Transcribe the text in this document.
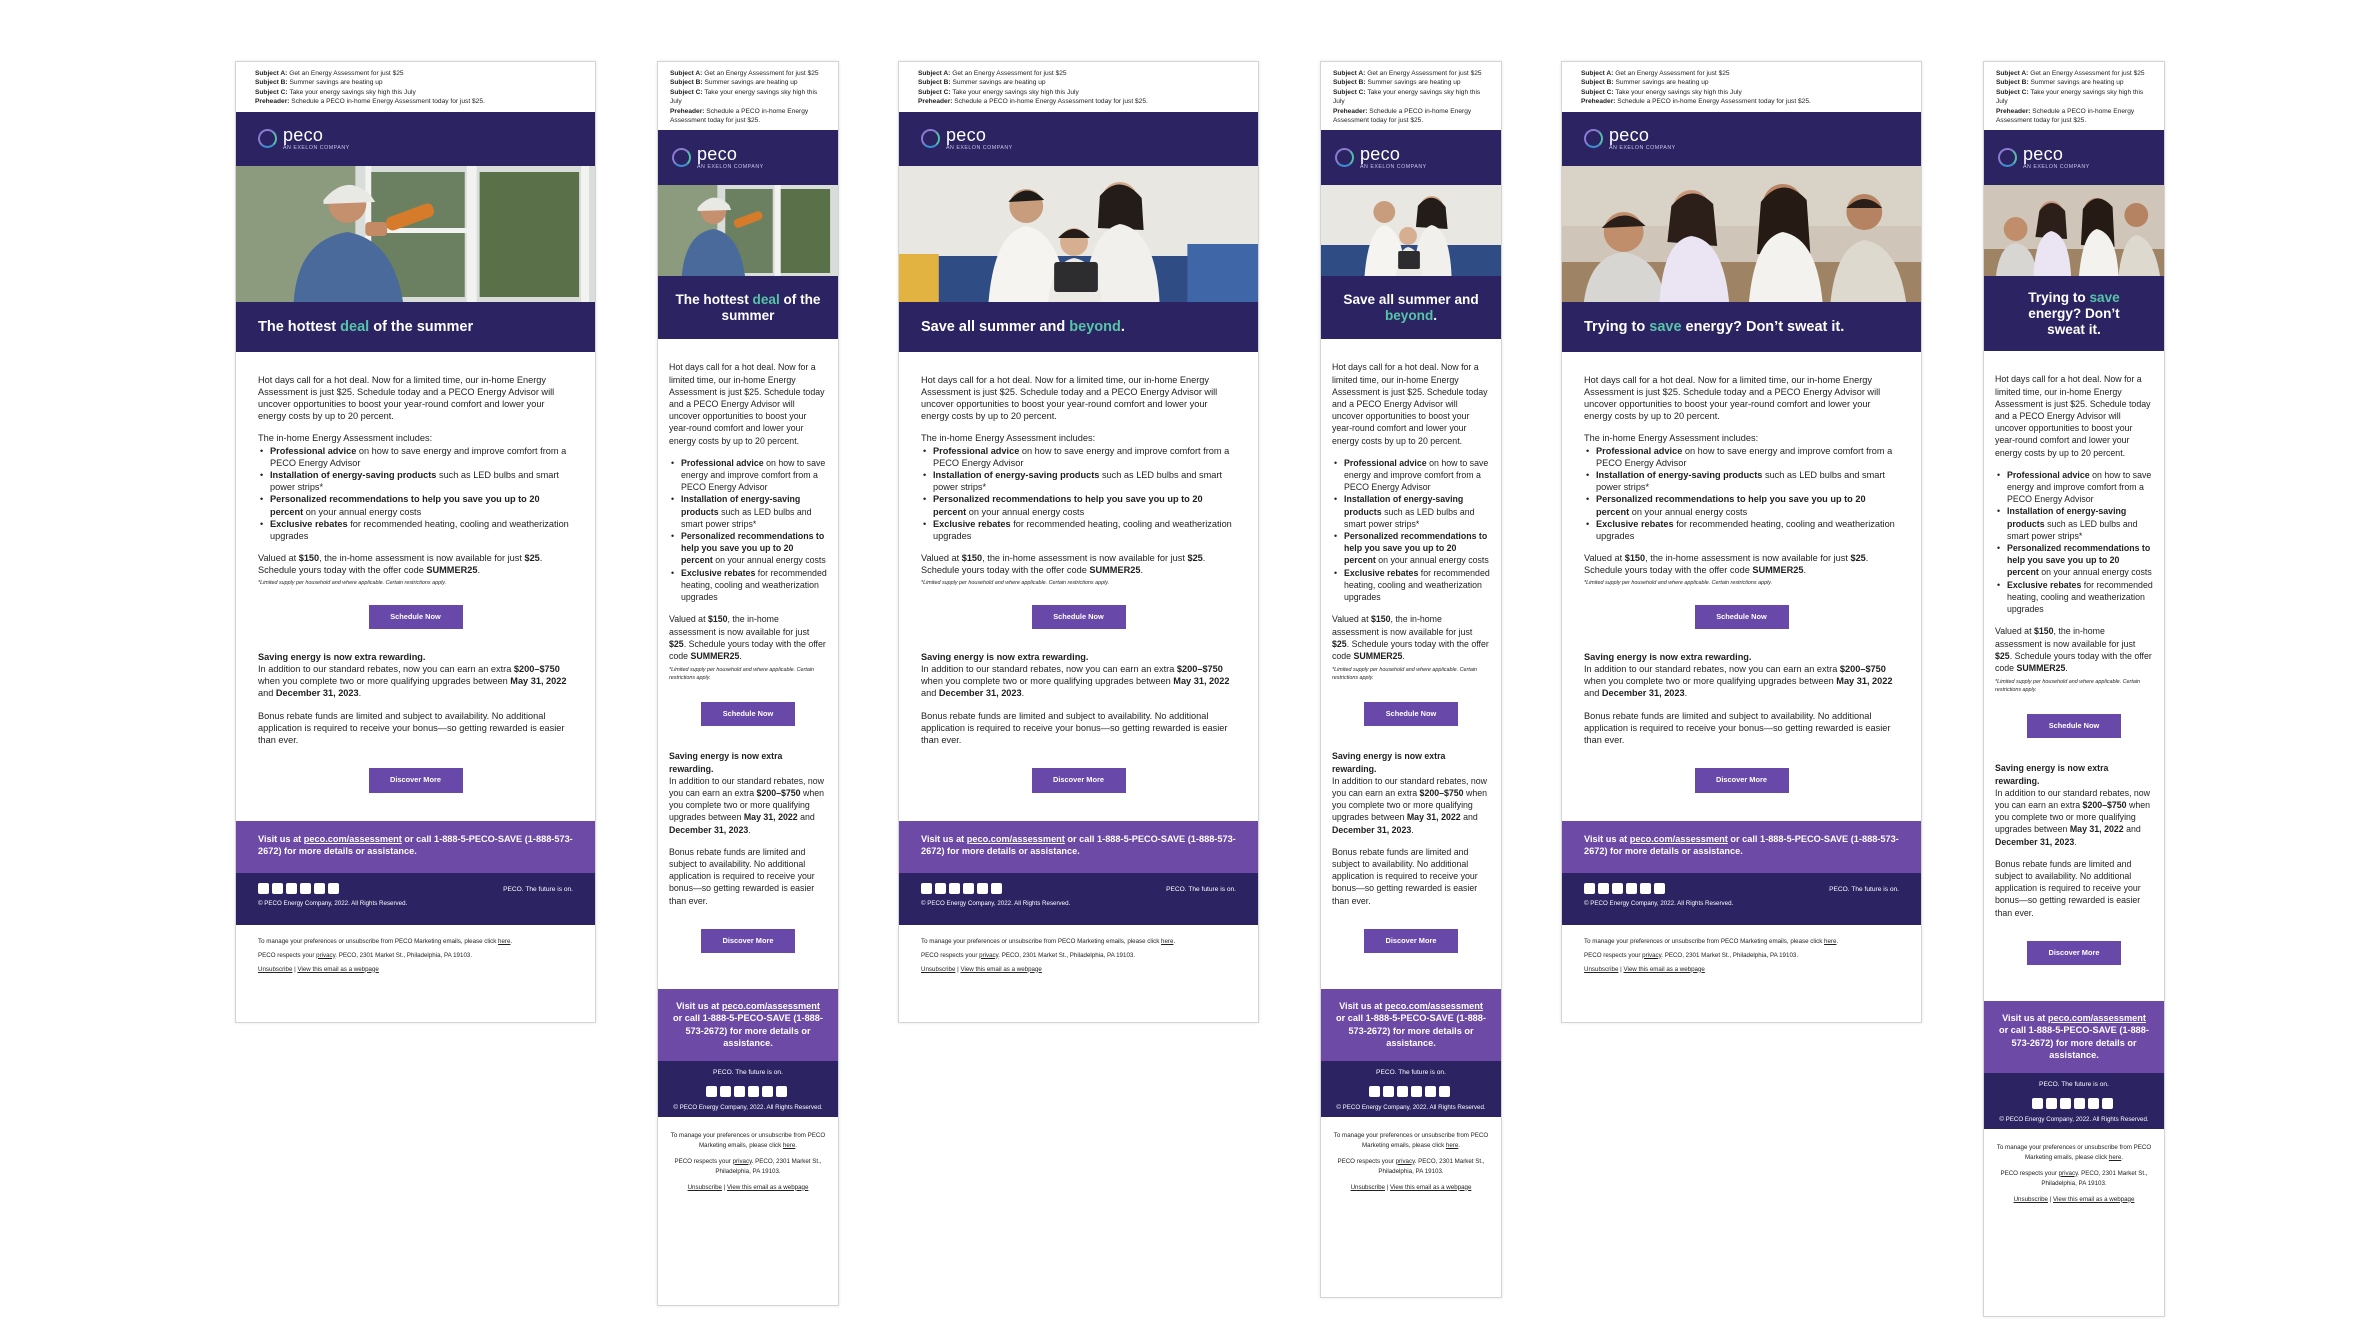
Subject A: Get an Energy Assessment for just $25
Subject B: Summer savings are heating up
Subject C: Take your energy savings sky high this July
Preheader: Schedule a PECO in-home Energy Assessment today for just $25.
peco
AN EXELON COMPANY
The hottest deal of the summer

Hot days call for a hot deal. Now for a limited time, our in-home Energy Assessment is just $25. Schedule today and a PECO Energy Advisor will uncover opportunities to boost your year-round comfort and lower your energy costs by up to 20 percent.

The in-home Energy Assessment includes:
• Professional advice on how to save energy and improve comfort from a PECO Energy Advisor
• Installation of energy-saving products such as LED bulbs and smart power strips*
• Personalized recommendations to help you save you up to 20 percent on your annual energy costs
• Exclusive rebates for recommended heating, cooling and weatherization upgrades

Valued at $150, the in-home assessment is now available for just $25. Schedule yours today with the offer code SUMMER25.

*Limited supply per household and where applicable. Certain restrictions apply.
Schedule Now
Saving energy is now extra rewarding.

In addition to our standard rebates, now you can earn an extra $200–$750 when you complete two or more qualifying upgrades between May 31, 2022 and December 31, 2023.

Bonus rebate funds are limited and subject to availability. No additional application is required to receive your bonus—so getting rewarded is easier than ever.

Discover More
Visit us at peco.com/assessment or call 1-888-5-PECO-SAVE (1-888-573-2672) for more details or assistance.
© PECO Energy Company, 2022. All Rights Reserved.
PECO. The future is on.
To manage your preferences or unsubscribe from PECO Marketing emails, please click here.
PECO respects your privacy. PECO, 2301 Market St., Philadelphia, PA 19103.
Unsubscribe | View this email as a webpage
Subject A: Get an Energy Assessment for just $25
Subject B: Summer savings are heating up
Subject C: Take your energy savings sky high this July
Preheader: Schedule a PECO in-home Energy Assessment today for just $25.
peco
AN EXELON COMPANY
The hottest deal of the summer

Hot days call for a hot deal. Now for a limited time, our in-home Energy Assessment is just $25. Schedule today and a PECO Energy Advisor will uncover opportunities to boost your year-round comfort and lower your energy costs by up to 20 percent.

• Professional advice on how to save energy and improve comfort from a PECO Energy Advisor
• Installation of energy-saving products such as LED bulbs and smart power strips*
• Personalized recommendations to help you save you up to 20 percent on your annual energy costs
• Exclusive rebates for recommended heating, cooling and weatherization upgrades

Valued at $150, the in-home assessment is now available for just $25. Schedule yours today with the offer code SUMMER25.

*Limited supply per household and where applicable. Certain restrictions apply.
Schedule Now
Saving energy is now extra rewarding.

In addition to our standard rebates, now you can earn an extra $200–$750 when you complete two or more qualifying upgrades between May 31, 2022 and December 31, 2023.

Bonus rebate funds are limited and subject to availability. No additional application is required to receive your bonus—so getting rewarded is easier than ever.

Discover More
Visit us at peco.com/assessment or call 1-888-5-PECO-SAVE (1-888-573-2672) for more details or assistance.
PECO. The future is on.
© PECO Energy Company, 2022. All Rights Reserved.
To manage your preferences or unsubscribe from PECO Marketing emails, please click here.
PECO respects your privacy. PECO, 2301 Market St., Philadelphia, PA 19103.
Unsubscribe | View this email as a webpage
Subject A: Get an Energy Assessment for just $25
Subject B: Summer savings are heating up
Subject C: Take your energy savings sky high this July
Preheader: Schedule a PECO in-home Energy Assessment today for just $25.
peco
AN EXELON COMPANY
Save all summer and beyond.

Hot days call for a hot deal. Now for a limited time, our in-home Energy Assessment is just $25. Schedule today and a PECO Energy Advisor will uncover opportunities to boost your year-round comfort and lower your energy costs by up to 20 percent.

The in-home Energy Assessment includes:
• Professional advice on how to save energy and improve comfort from a PECO Energy Advisor
• Installation of energy-saving products such as LED bulbs and smart power strips*
• Personalized recommendations to help you save you up to 20 percent on your annual energy costs
• Exclusive rebates for recommended heating, cooling and weatherization upgrades

Valued at $150, the in-home assessment is now available for just $25. Schedule yours today with the offer code SUMMER25.

*Limited supply per household and where applicable. Certain restrictions apply.
Schedule Now
Saving energy is now extra rewarding.

In addition to our standard rebates, now you can earn an extra $200–$750 when you complete two or more qualifying upgrades between May 31, 2022 and December 31, 2023.

Bonus rebate funds are limited and subject to availability. No additional application is required to receive your bonus—so getting rewarded is easier than ever.

Discover More
Visit us at peco.com/assessment or call 1-888-5-PECO-SAVE (1-888-573-2672) for more details or assistance.
© PECO Energy Company, 2022. All Rights Reserved.
PECO. The future is on.
To manage your preferences or unsubscribe from PECO Marketing emails, please click here.
PECO respects your privacy. PECO, 2301 Market St., Philadelphia, PA 19103.
Unsubscribe | View this email as a webpage
Subject A: Get an Energy Assessment for just $25
Subject B: Summer savings are heating up
Subject C: Take your energy savings sky high this July
Preheader: Schedule a PECO in-home Energy Assessment today for just $25.
peco
AN EXELON COMPANY
Save all summer and beyond.

Hot days call for a hot deal. Now for a limited time, our in-home Energy Assessment is just $25. Schedule today and a PECO Energy Advisor will uncover opportunities to boost your year-round comfort and lower your energy costs by up to 20 percent.

• Professional advice on how to save energy and improve comfort from a PECO Energy Advisor
• Installation of energy-saving products such as LED bulbs and smart power strips*
• Personalized recommendations to help you save you up to 20 percent on your annual energy costs
• Exclusive rebates for recommended heating, cooling and weatherization upgrades

Valued at $150, the in-home assessment is now available for just $25. Schedule yours today with the offer code SUMMER25.

*Limited supply per household and where applicable. Certain restrictions apply.
Schedule Now
Saving energy is now extra rewarding.

In addition to our standard rebates, now you can earn an extra $200–$750 when you complete two or more qualifying upgrades between May 31, 2022 and December 31, 2023.

Bonus rebate funds are limited and subject to availability. No additional application is required to receive your bonus—so getting rewarded is easier than ever.

Discover More
Visit us at peco.com/assessment or call 1-888-5-PECO-SAVE (1-888-573-2672) for more details or assistance.
PECO. The future is on.
© PECO Energy Company, 2022. All Rights Reserved.
To manage your preferences or unsubscribe from PECO Marketing emails, please click here.
PECO respects your privacy. PECO, 2301 Market St., Philadelphia, PA 19103.
Unsubscribe | View this email as a webpage
Subject A: Get an Energy Assessment for just $25
Subject B: Summer savings are heating up
Subject C: Take your energy savings sky high this July
Preheader: Schedule a PECO in-home Energy Assessment today for just $25.
peco
AN EXELON COMPANY
Trying to save energy? Don’t sweat it.

Hot days call for a hot deal. Now for a limited time, our in-home Energy Assessment is just $25. Schedule today and a PECO Energy Advisor will uncover opportunities to boost your year-round comfort and lower your energy costs by up to 20 percent.

The in-home Energy Assessment includes:
• Professional advice on how to save energy and improve comfort from a PECO Energy Advisor
• Installation of energy-saving products such as LED bulbs and smart power strips*
• Personalized recommendations to help you save you up to 20 percent on your annual energy costs
• Exclusive rebates for recommended heating, cooling and weatherization upgrades

Valued at $150, the in-home assessment is now available for just $25. Schedule yours today with the offer code SUMMER25.

*Limited supply per household and where applicable. Certain restrictions apply.
Schedule Now
Saving energy is now extra rewarding.

In addition to our standard rebates, now you can earn an extra $200–$750 when you complete two or more qualifying upgrades between May 31, 2022 and December 31, 2023.

Bonus rebate funds are limited and subject to availability. No additional application is required to receive your bonus—so getting rewarded is easier than ever.

Discover More
Visit us at peco.com/assessment or call 1-888-5-PECO-SAVE (1-888-573-2672) for more details or assistance.
© PECO Energy Company, 2022. All Rights Reserved.
PECO. The future is on.
To manage your preferences or unsubscribe from PECO Marketing emails, please click here.
PECO respects your privacy. PECO, 2301 Market St., Philadelphia, PA 19103.
Unsubscribe | View this email as a webpage
Subject A: Get an Energy Assessment for just $25
Subject B: Summer savings are heating up
Subject C: Take your energy savings sky high this July
Preheader: Schedule a PECO in-home Energy Assessment today for just $25.
peco
AN EXELON COMPANY
Trying to save energy? Don’t sweat it.

Hot days call for a hot deal. Now for a limited time, our in-home Energy Assessment is just $25. Schedule today and a PECO Energy Advisor will uncover opportunities to boost your year-round comfort and lower your energy costs by up to 20 percent.

• Professional advice on how to save energy and improve comfort from a PECO Energy Advisor
• Installation of energy-saving products such as LED bulbs and smart power strips*
• Personalized recommendations to help you save you up to 20 percent on your annual energy costs
• Exclusive rebates for recommended heating, cooling and weatherization upgrades

Valued at $150, the in-home assessment is now available for just $25. Schedule yours today with the offer code SUMMER25.

*Limited supply per household and where applicable. Certain restrictions apply.
Schedule Now
Saving energy is now extra rewarding.

In addition to our standard rebates, now you can earn an extra $200–$750 when you complete two or more qualifying upgrades between May 31, 2022 and December 31, 2023.

Bonus rebate funds are limited and subject to availability. No additional application is required to receive your bonus—so getting rewarded is easier than ever.

Discover More
Visit us at peco.com/assessment or call 1-888-5-PECO-SAVE (1-888-573-2672) for more details or assistance.
PECO. The future is on.
© PECO Energy Company, 2022. All Rights Reserved.
To manage your preferences or unsubscribe from PECO Marketing emails, please click here.
PECO respects your privacy. PECO, 2301 Market St., Philadelphia, PA 19103.
Unsubscribe | View this email as a webpage
